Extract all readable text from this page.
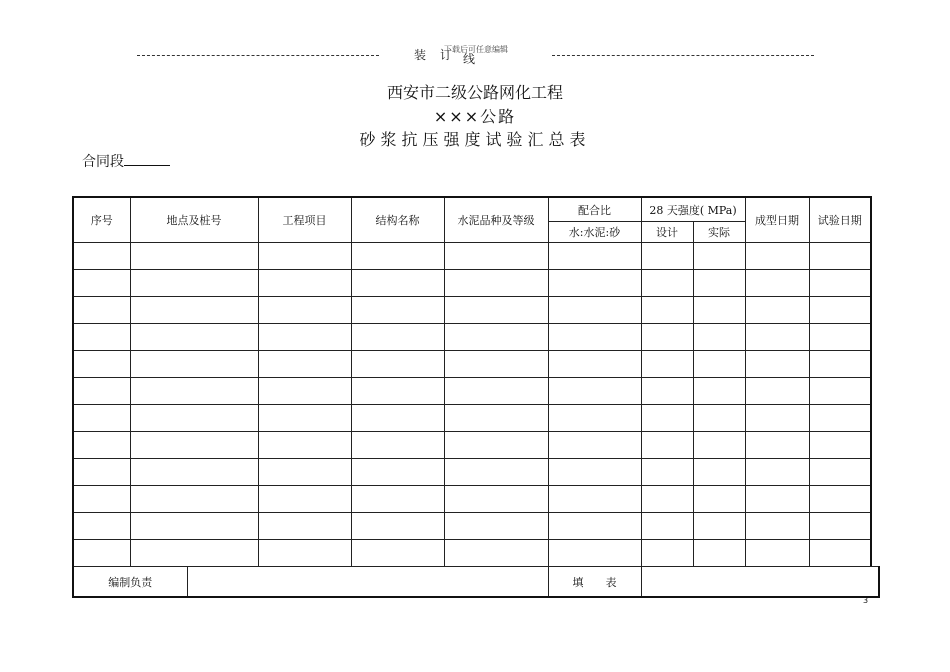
装 订
下载后可任意编辑
线
西安市二级公路网化工程
×××公路
砂浆抗压强度试验汇总表
合同段
序号	地点及桩号	工程项目	结构名称	水泥品种及等级	配合比	28 天强度( MPa)		成型日期	试验日期
					水:水泥:砂	设计	实际		

编制负责		填　　表	
3
